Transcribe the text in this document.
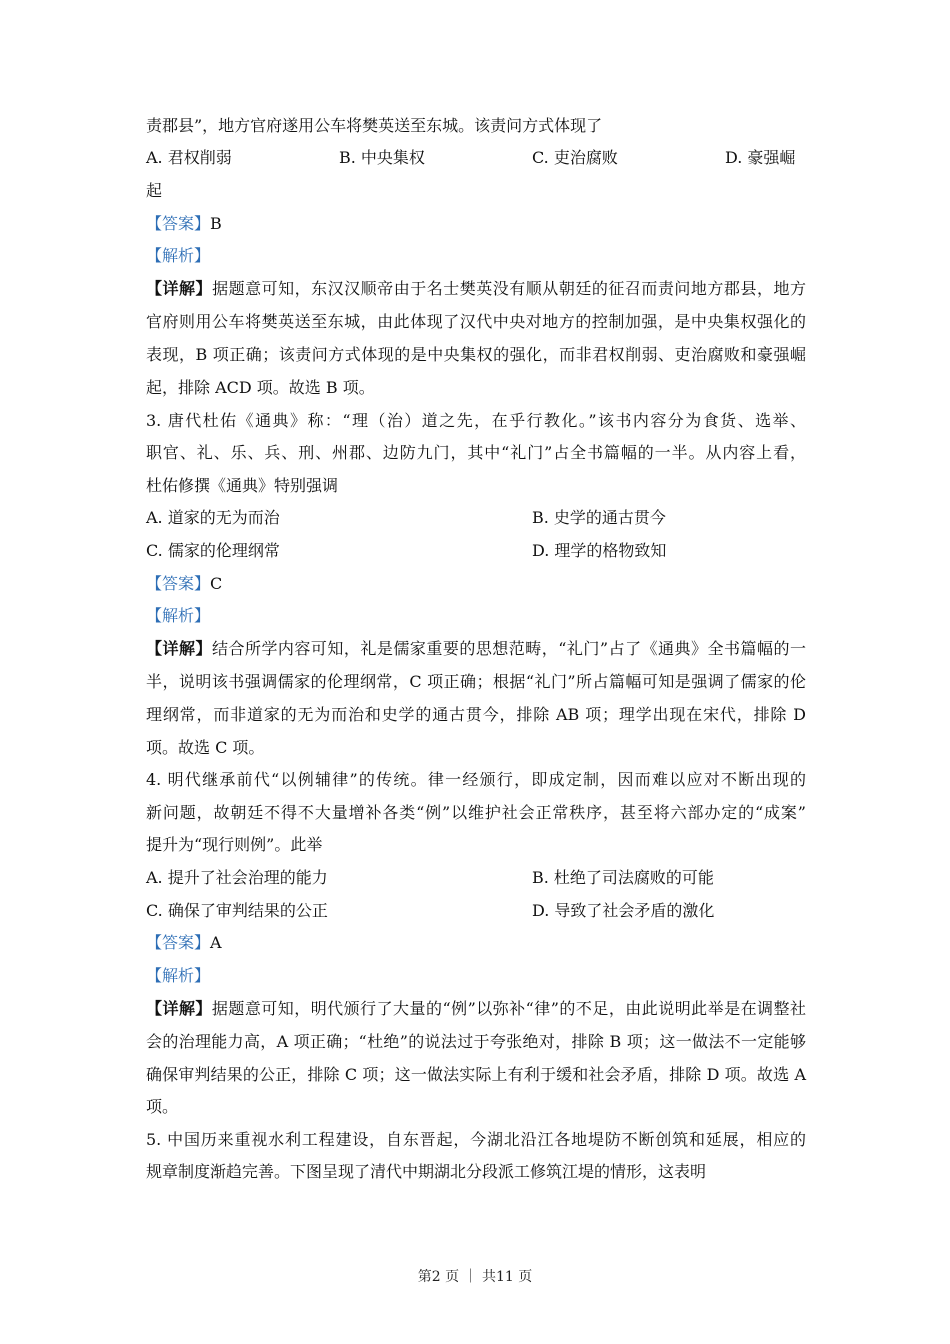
责郡县”，地方官府遂用公车将樊英送至东城。该责问方式体现了
A. 君权削弱	B. 中央集权	C. 吏治腐败	D. 豪强崛
起
【答案】B
【解析】
【详解】据题意可知，东汉汉顺帝由于名士樊英没有顺从朝廷的征召而责问地方郡县，地方
官府则用公车将樊英送至东城，由此体现了汉代中央对地方的控制加强，是中央集权强化的
表现，B 项正确；该责问方式体现的是中央集权的强化，而非君权削弱、吏治腐败和豪强崛
起，排除 ACD 项。故选 B 项。
3. 唐代杜佑《通典》称：“理（治）道之先，在乎行教化。”该书内容分为食货、选举、
职官、礼、乐、兵、刑、州郡、边防九门，其中“礼门”占全书篇幅的一半。从内容上看，
杜佑修撰《通典》特别强调
A. 道家的无为而治	B. 史学的通古贯今
C. 儒家的伦理纲常	D. 理学的格物致知
【答案】C
【解析】
【详解】结合所学内容可知，礼是儒家重要的思想范畴，“礼门”占了《通典》全书篇幅的一
半，说明该书强调儒家的伦理纲常，C 项正确；根据“礼门”所占篇幅可知是强调了儒家的伦
理纲常，而非道家的无为而治和史学的通古贯今，排除 AB 项；理学出现在宋代，排除 D
项。故选 C 项。
4. 明代继承前代“以例辅律”的传统。律一经颁行，即成定制，因而难以应对不断出现的
新问题，故朝廷不得不大量增补各类“例”以维护社会正常秩序，甚至将六部办定的“成案”
提升为“现行则例”。此举
A. 提升了社会治理的能力	B. 杜绝了司法腐败的可能
C. 确保了审判结果的公正	D. 导致了社会矛盾的激化
【答案】A
【解析】
【详解】据题意可知，明代颁行了大量的“例”以弥补“律”的不足，由此说明此举是在调整社
会的治理能力高，A 项正确；“杜绝”的说法过于夸张绝对，排除 B 项；这一做法不一定能够
确保审判结果的公正，排除 C 项；这一做法实际上有利于缓和社会矛盾，排除 D 项。故选 A
项。
5. 中国历来重视水利工程建设，自东晋起，今湖北沿江各地堤防不断创筑和延展，相应的
规章制度渐趋完善。下图呈现了清代中期湖北分段派工修筑江堤的情形，这表明
第2 页 ｜ 共11 页
